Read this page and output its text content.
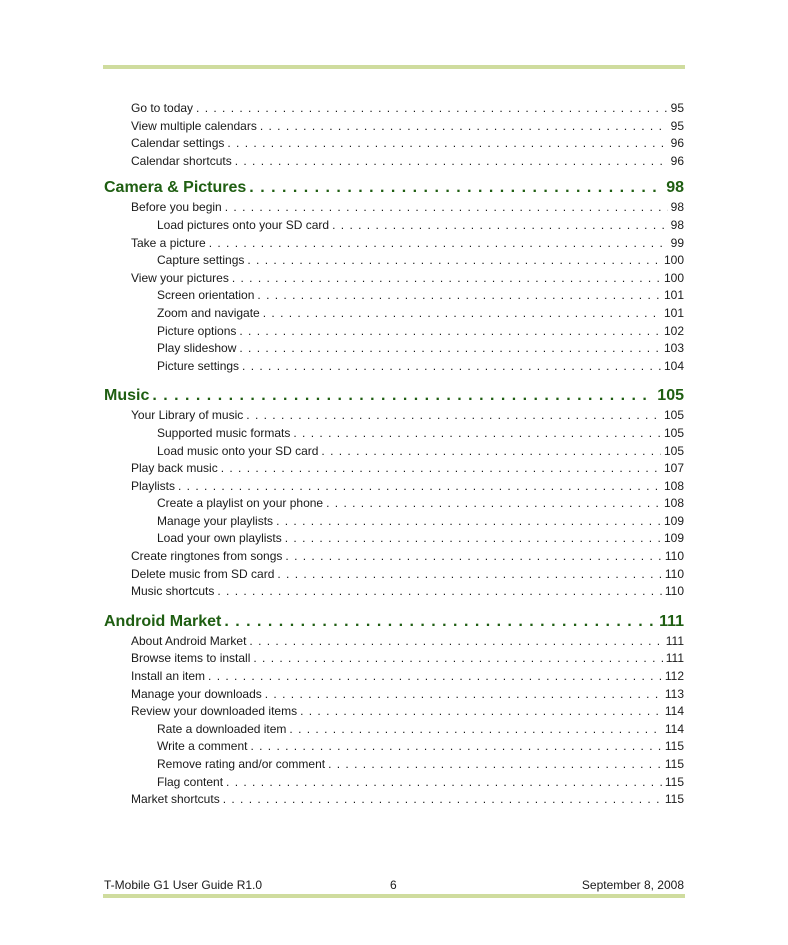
Go to today . . .	95
View multiple calendars . . .	95
Calendar settings . . .	96
Calendar shortcuts . . .	96
Camera & Pictures . . .	98
Before you begin . . .	98
Load pictures onto your SD card . . .	98
Take a picture . . .	99
Capture settings . . .	100
View your pictures . . .	100
Screen orientation . . .	101
Zoom and navigate . . .	101
Picture options . . .	102
Play slideshow . . .	103
Picture settings . . .	104
Music . . .	105
Your Library of music . . .	105
Supported music formats . . .	105
Load music onto your SD card . . .	105
Play back music . . .	107
Playlists . . .	108
Create a playlist on your phone . . .	108
Manage your playlists . . .	109
Load your own playlists . . .	109
Create ringtones from songs . . .	110
Delete music from SD card . . .	110
Music shortcuts . . .	110
Android Market . . .	111
About Android Market . . .	111
Browse items to install . . .	111
Install an item . . .	112
Manage your downloads . . .	113
Review your downloaded items . . .	114
Rate a downloaded item . . .	114
Write a comment . . .	115
Remove rating and/or comment . . .	115
Flag content . . .	115
Market shortcuts . . .	115
T-Mobile G1 User Guide R1.0	6	September 8, 2008
